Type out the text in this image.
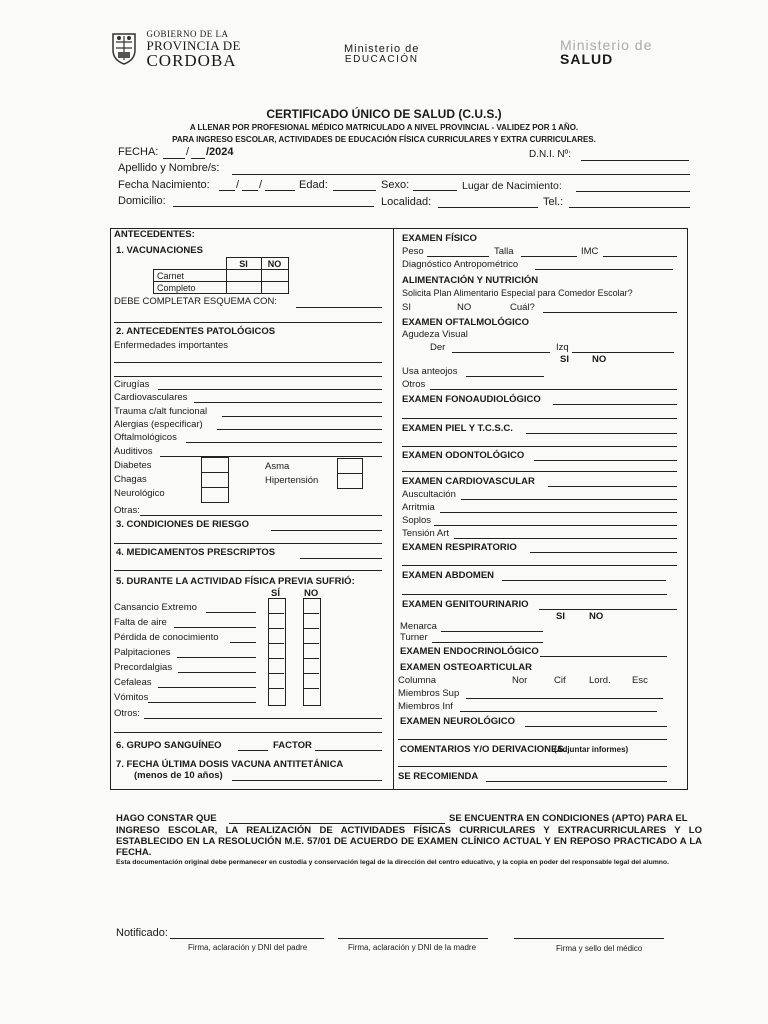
GOBIERNO DE LA
PROVINCIA DE
CORDOBA
Ministerio de
EDUCACIÓN
Ministerio de
SALUD
CERTIFICADO ÚNICO DE SALUD (C.U.S.)
A LLENAR POR PROFESIONAL MÉDICO MATRICULADO A NIVEL PROVINCIAL - VALIDEZ POR 1 AÑO.
PARA INGRESO ESCOLAR, ACTIVIDADES DE EDUCACIÓN FÍSICA CURRICULARES Y EXTRA CURRICULARES.
FECHA:	/ /2024	D.N.I. Nº:
Apellido y Nombre/s:
Fecha Nacimiento: / /	Edad:	Sexo:	Lugar de Nacimiento:
Domicilio:	Localidad:	Tel.:
ANTECEDENTES:
1. VACUNACIONES
	SI	NO
Carnet		
Completo		
DEBE COMPLETAR ESQUEMA CON:
2. ANTECEDENTES PATOLÓGICOS
Enfermedades importantes
Cirugías
Cardiovasculares
Trauma c/alt funcional
Alergias (especificar)
Oftalmológicos
Auditivos
Diabetes	Asma
Chagas	Hipertensión
Neurológico
Otras:
3. CONDICIONES DE RIESGO
4. MEDICAMENTOS PRESCRIPTOS
5. DURANTE LA ACTIVIDAD FÍSICA PREVIA SUFRIÓ:
SÍ	NO
Cansancio Extremo
Falta de aire
Pérdida de conocimiento
Palpitaciones
Precordalgias
Cefaleas
Vómitos
Otros:
6. GRUPO SANGUÍNEO	FACTOR
7. FECHA ÚLTIMA DOSIS VACUNA ANTITETÁNICA
(menos de 10 años)
EXAMEN FÍSICO
Peso	Talla	IMC
Diagnóstico Antropométrico
ALIMENTACIÓN Y NUTRICIÓN
Solicita Plan Alimentario Especial para Comedor Escolar?
SI	NO	Cuál?
EXAMEN OFTALMOLÓGICO
Agudeza Visual
Der	Izq
SI NO
Usa anteojos
Otros
EXAMEN FONOAUDIOLÓGICO
EXAMEN PIEL Y T.C.S.C.
EXAMEN ODONTOLÓGICO
EXAMEN CARDIOVASCULAR
Auscultación
Arritmia
Soplos
Tensión Art
EXAMEN RESPIRATORIO
EXAMEN ABDOMEN
EXAMEN GENITOURINARIO
SI	NO
Menarca
Turner
EXAMEN ENDOCRINOLÓGICO
EXAMEN OSTEOARTICULAR
Columna	Nor	Cif Lord. Esc
Miembros Sup
Miembros Inf
EXAMEN NEUROLÓGICO
COMENTARIOS Y/O DERIVACIONES.
(Adjuntar informes)
SE RECOMIENDA
HAGO CONSTAR QUE	SE ENCUENTRA EN CONDICIONES (APTO) PARA EL
INGRESO ESCOLAR, LA REALIZACIÓN DE ACTIVIDADES FÍSICAS CURRICULARES Y EXTRACURRICULARES Y LO ESTABLECIDO EN LA RESOLUCIÓN M.E. 57/01 DE ACUERDO DE EXAMEN CLÍNICO ACTUAL Y EN REPOSO PRACTICADO A LA FECHA.
Esta documentación original debe permanecer en custodia y conservación legal de la dirección del centro educativo, y la copia en poder del responsable legal del alumno.
Notificado:
Firma, aclaración y DNI del padre	Firma, aclaración y DNI de la madre	Firma y sello del médico
